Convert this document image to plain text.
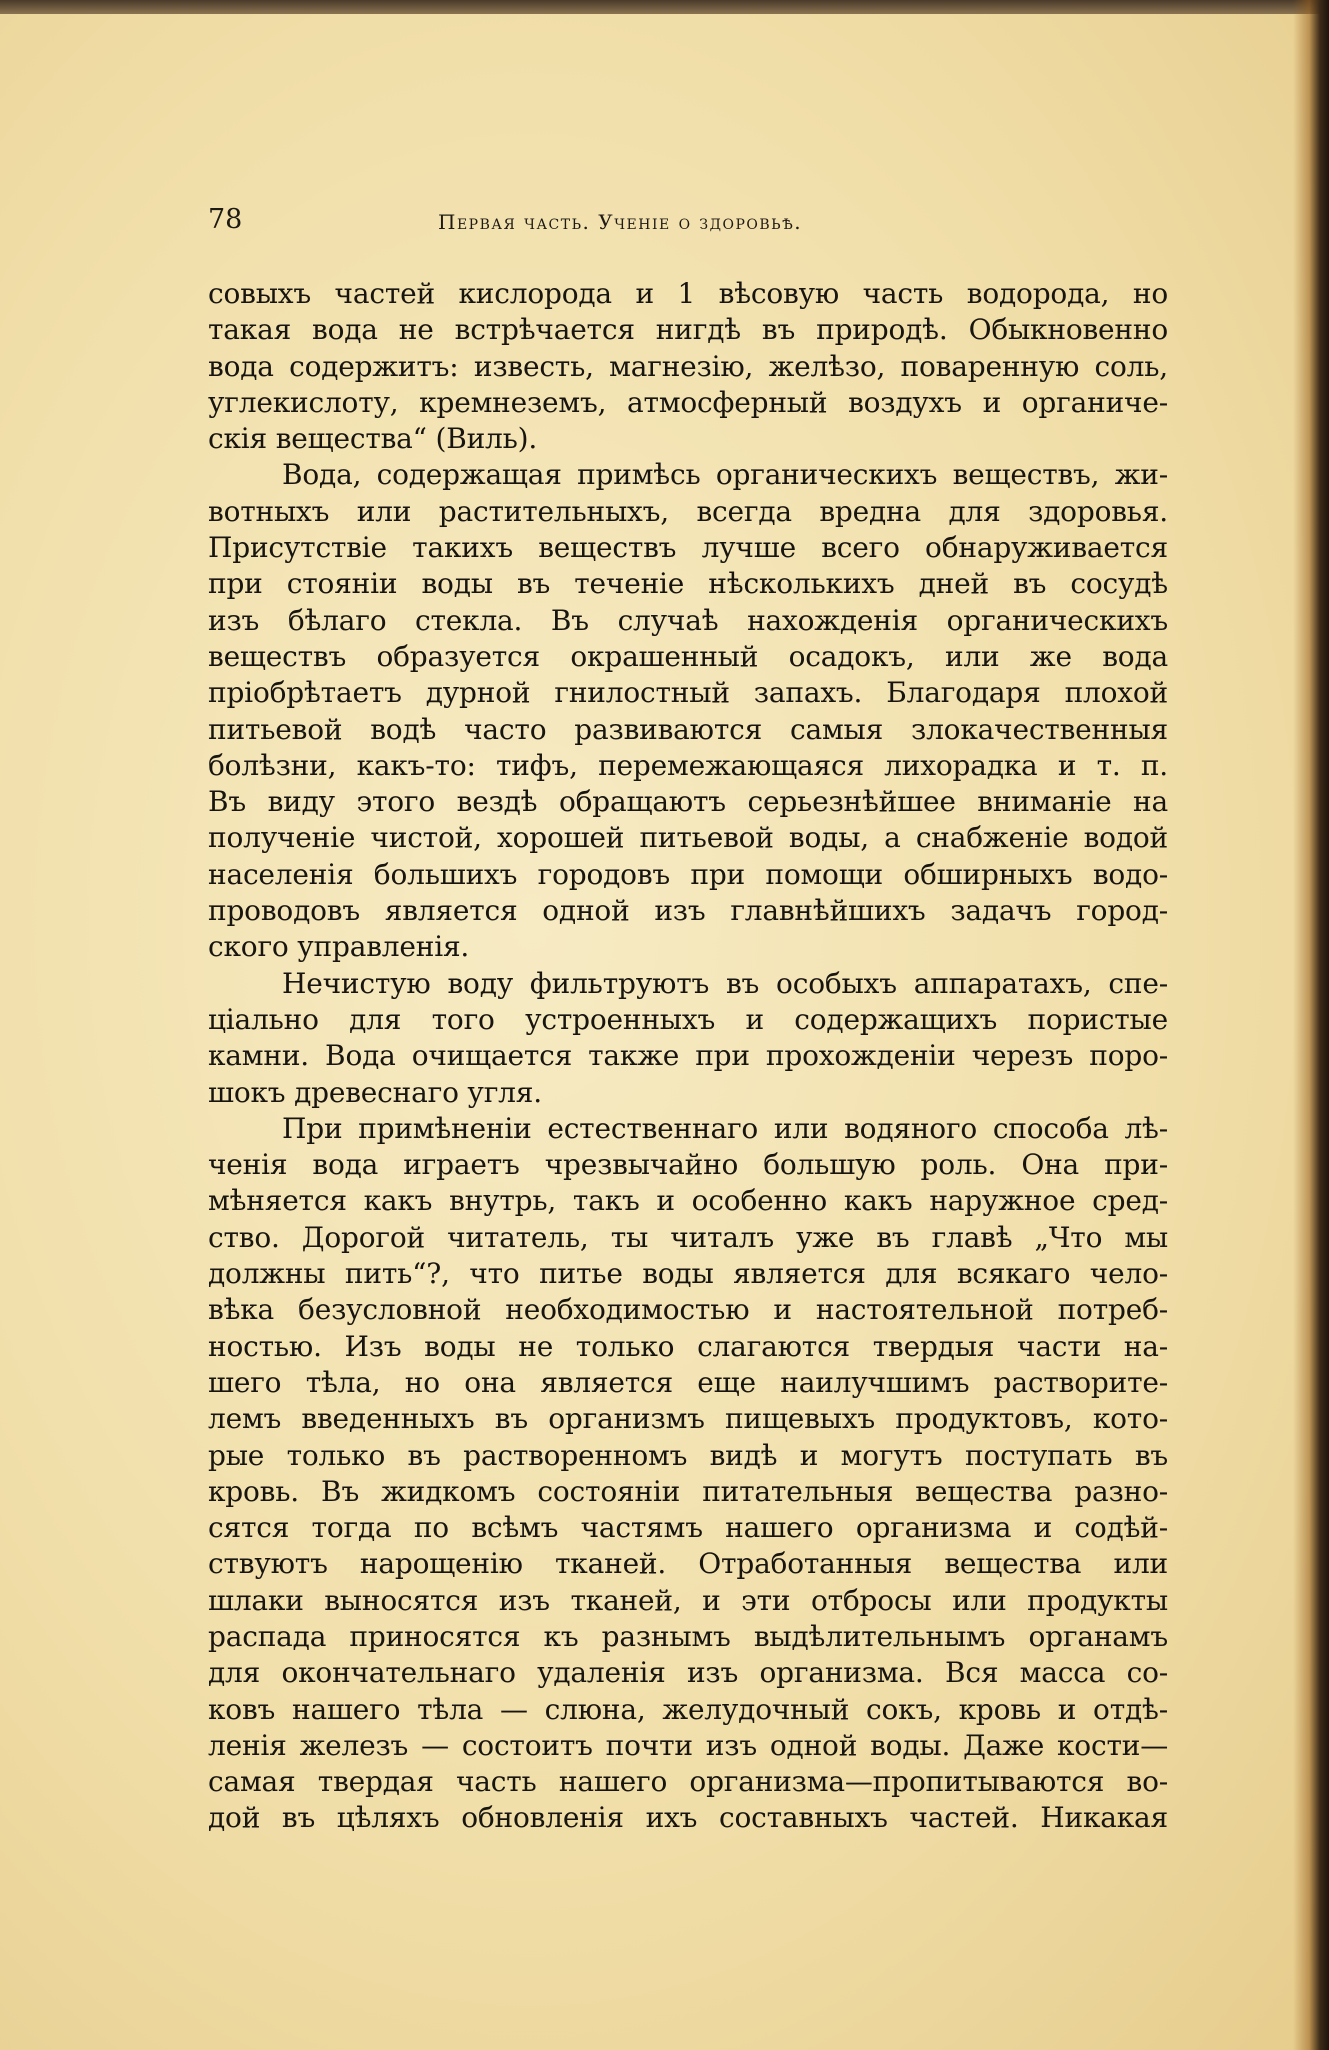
78	Первая часть. Ученіе о здоровьѣ.
совыхъ частей кислорода и 1 вѣсовую часть водорода, но
такая вода не встрѣчается нигдѣ въ природѣ. Обыкновенно
вода содержитъ: известь, магнезію, желѣзо, поваренную соль,
углекислоту, кремнеземъ, атмосферный воздухъ и органиче-
скія вещества“ (Виль).
Вода, содержащая примѣсь органическихъ веществъ, жи-
вотныхъ или растительныхъ, всегда вредна для здоровья.
Присутствіе такихъ веществъ лучше всего обнаруживается
при стояніи воды въ теченіе нѣсколькихъ дней въ сосудѣ
изъ бѣлаго стекла. Въ случаѣ нахожденія органическихъ
веществъ образуется окрашенный осадокъ, или же вода
пріобрѣтаетъ дурной гнилостный запахъ. Благодаря плохой
питьевой водѣ часто развиваются самыя злокачественныя
болѣзни, какъ-то: тифъ, перемежающаяся лихорадка и т. п.
Въ виду этого вездѣ обращаютъ серьезнѣйшее вниманіе на
полученіе чистой, хорошей питьевой воды, а снабженіе водой
населенія большихъ городовъ при помощи обширныхъ водо-
проводовъ является одной изъ главнѣйшихъ задачъ город-
ского управленія.
Нечистую воду фильтруютъ въ особыхъ аппаратахъ, спе-
ціально для того устроенныхъ и содержащихъ пористые
камни. Вода очищается также при прохожденіи черезъ поро-
шокъ древеснаго угля.
При примѣненіи естественнаго или водяного способа лѣ-
ченія вода играетъ чрезвычайно большую роль. Она при-
мѣняется какъ внутрь, такъ и особенно какъ наружное сред-
ство. Дорогой читатель, ты читалъ уже въ главѣ „Что мы
должны пить“?, что питье воды является для всякаго чело-
вѣка безусловной необходимостью и настоятельной потреб-
ностью. Изъ воды не только слагаются твердыя части на-
шего тѣла, но она является еще наилучшимъ растворите-
лемъ введенныхъ въ организмъ пищевыхъ продуктовъ, кото-
рые только въ растворенномъ видѣ и могутъ поступать въ
кровь. Въ жидкомъ состояніи питательныя вещества разно-
сятся тогда по всѣмъ частямъ нашего организма и содѣй-
ствуютъ нарощенію тканей. Отработанныя вещества или
шлаки выносятся изъ тканей, и эти отбросы или продукты
распада приносятся къ разнымъ выдѣлительнымъ органамъ
для окончательнаго удаленія изъ организма. Вся масса со-
ковъ нашего тѣла — слюна, желудочный сокъ, кровь и отдѣ-
ленія железъ — состоитъ почти изъ одной воды. Даже кости—
самая твердая часть нашего организма—пропитываются во-
дой въ цѣляхъ обновленія ихъ составныхъ частей. Никакая
